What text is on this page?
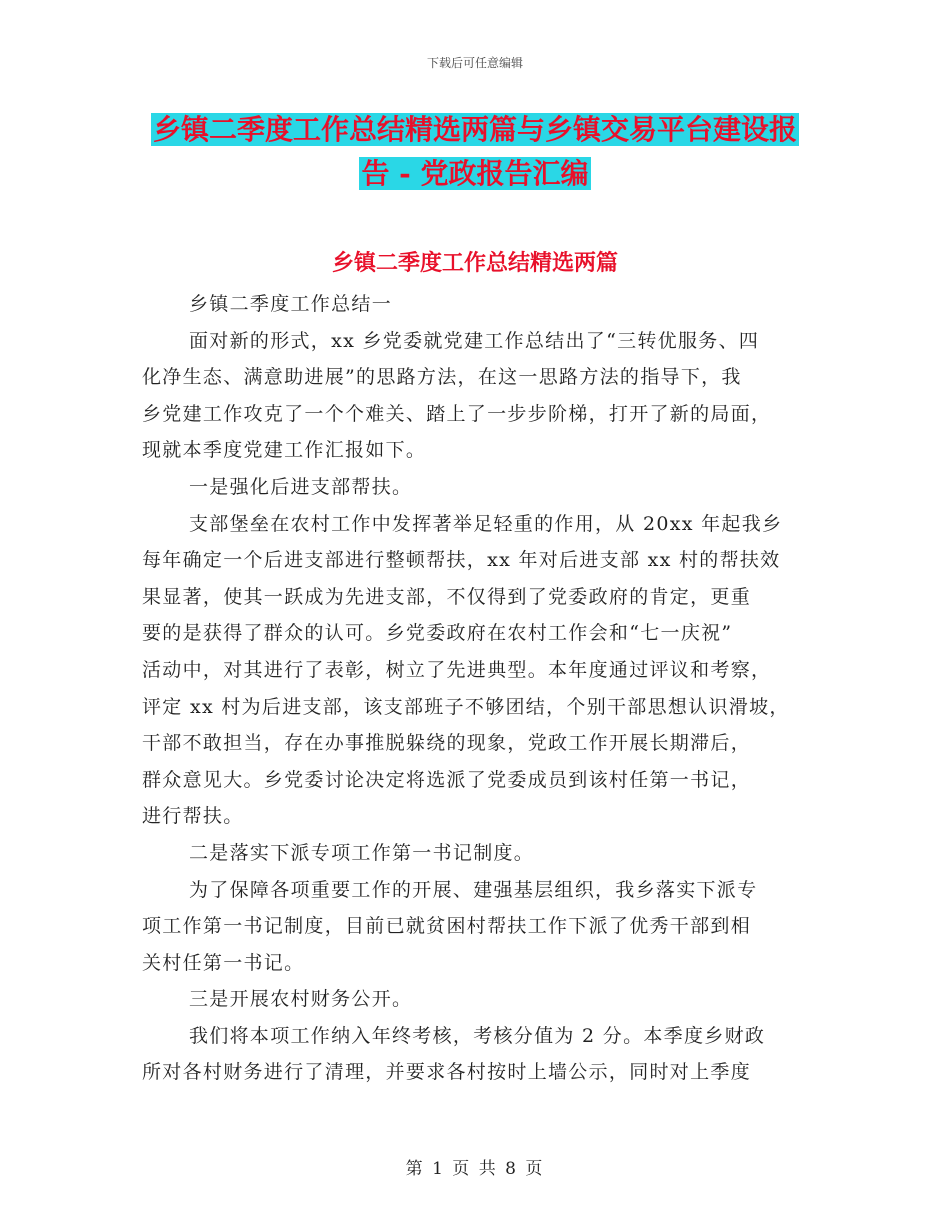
下载后可任意编辑
乡镇二季度工作总结精选两篇与乡镇交易平台建设报
告 - 党政报告汇编
乡镇二季度工作总结精选两篇

乡镇二季度工作总结一

面对新的形式，xx 乡党委就党建工作总结出了“三转优服务、四

化净生态、满意助进展”的思路方法，在这一思路方法的指导下，我

乡党建工作攻克了一个个难关、踏上了一步步阶梯，打开了新的局面，

现就本季度党建工作汇报如下。

一是强化后进支部帮扶。

支部堡垒在农村工作中发挥著举足轻重的作用，从 20xx 年起我乡

每年确定一个后进支部进行整顿帮扶，xx 年对后进支部 xx 村的帮扶效

果显著，使其一跃成为先进支部，不仅得到了党委政府的肯定，更重

要的是获得了群众的认可。乡党委政府在农村工作会和“七一庆祝”

活动中，对其进行了表彰，树立了先进典型。本年度通过评议和考察，

评定 xx 村为后进支部，该支部班子不够团结，个别干部思想认识滑坡，

干部不敢担当，存在办事推脱躲绕的现象，党政工作开展长期滞后，

群众意见大。乡党委讨论决定将选派了党委成员到该村任第一书记，

进行帮扶。

二是落实下派专项工作第一书记制度。

为了保障各项重要工作的开展、建强基层组织，我乡落实下派专

项工作第一书记制度，目前已就贫困村帮扶工作下派了优秀干部到相

关村任第一书记。

三是开展农村财务公开。

我们将本项工作纳入年终考核，考核分值为 2 分。本季度乡财政

所对各村财务进行了清理，并要求各村按时上墙公示，同时对上季度

第 1 页 共 8 页
